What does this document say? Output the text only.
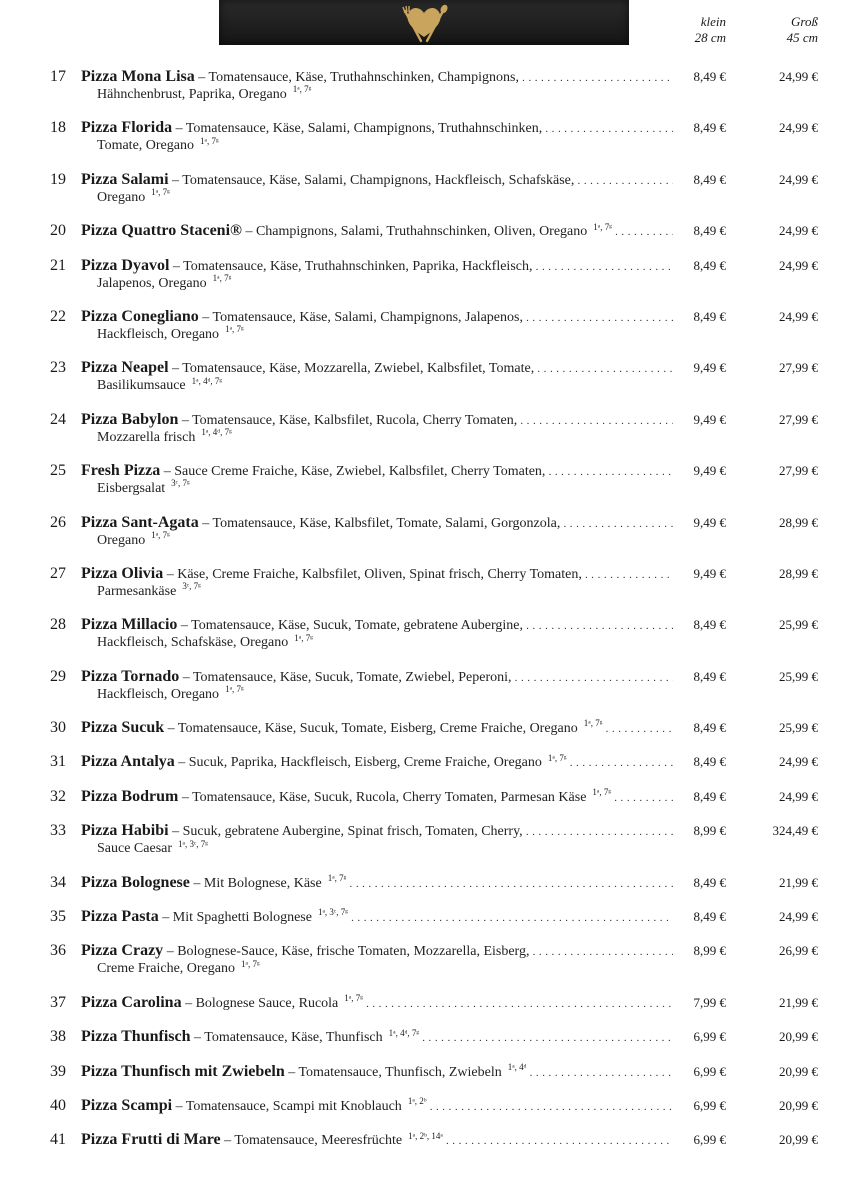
klein
28 cm
Groß
45 cm
17 Pizza Mona Lisa – Tomatensauce, Käse, Truthahnschinken, Champignons, . . .
Hähnchenbrust, Paprika, Oregano $^{1ᵃ, 7ᵍ}$
8,49 €	24,99 €
18 Pizza Florida – Tomatensauce, Käse, Salami, Champignons, Truthahnschinken, . . .
Tomate, Oregano $^{1ᵃ, 7ᵍ}$
8,49 €	24,99 €
19 Pizza Salami – Tomatensauce, Käse, Salami, Champignons, Hackfleisch, Schafskäse, . . .
Oregano $^{1ᵃ, 7ᵍ}$
8,49 €	24,99 €
20 Pizza Quattro Staceni® – Champignons, Salami, Truthahnschinken, Oliven, Oregano $^{1ᵃ, 7ᵍ}$ . . .	8,49 €	24,99 €
21 Pizza Dyavol – Tomatensauce, Käse, Truthahnschinken, Paprika, Hackfleisch, . . .
Jalapenos, Oregano $^{1ᵃ, 7ᵍ}$
8,49 €	24,99 €
22 Pizza Conegliano – Tomatensauce, Käse, Salami, Champignons, Jalapenos, . . .
Hackfleisch, Oregano $^{1ᵃ, 7ᵍ}$
8,49 €	24,99 €
23 Pizza Neapel – Tomatensauce, Käse, Mozzarella, Zwiebel, Kalbsfilet, Tomate, . . .
Basilikumsauce $^{1ᵃ, 4ᵈ, 7ᵍ}$
9,49 €	27,99 €
24 Pizza Babylon – Tomatensauce, Käse, Kalbsfilet, Rucola, Cherry Tomaten, . . .
Mozzarella frisch $^{1ᵃ, 4ᵈ, 7ᵍ}$
9,49 €	27,99 €
25 Fresh Pizza – Sauce Creme Fraiche, Käse, Zwiebel, Kalbsfilet, Cherry Tomaten, . . .
Eisbergsalat $^{3ᶜ, 7ᵍ}$
9,49 €	27,99 €
26 Pizza Sant-Agata – Tomatensauce, Käse, Kalbsfilet, Tomate, Salami, Gorgonzola, . . .
Oregano $^{1ᵃ, 7ᵍ}$
9,49 €	28,99 €
27 Pizza Olivia – Käse, Creme Fraiche, Kalbsfilet, Oliven, Spinat frisch, Cherry Tomaten, . . .
Parmesankäse $^{3ᶜ, 7ᵍ}$
9,49 €	28,99 €
28 Pizza Millacio – Tomatensauce, Käse, Sucuk, Tomate, gebratene Aubergine, . . .
Hackfleisch, Schafskäse, Oregano $^{1ᵃ, 7ᵍ}$
8,49 €	25,99 €
29 Pizza Tornado – Tomatensauce, Käse, Sucuk, Tomate, Zwiebel, Peperoni, . . .
Hackfleisch, Oregano $^{1ᵃ, 7ᵍ}$
8,49 €	25,99 €
30 Pizza Sucuk – Tomatensauce, Käse, Sucuk, Tomate, Eisberg, Creme Fraiche, Oregano $^{1ᵃ, 7ᵍ}$ . . .	8,49 €	25,99 €
31 Pizza Antalya – Sucuk, Paprika, Hackfleisch, Eisberg, Creme Fraiche, Oregano $^{1ᵃ, 7ᵍ}$ . . .	8,49 €	24,99 €
32 Pizza Bodrum – Tomatensauce, Käse, Sucuk, Rucola, Cherry Tomaten, Parmesan Käse $^{1ᵃ, 7ᵍ}$ . . .	8,49 €	24,99 €
33 Pizza Habibi – Sucuk, gebratene Aubergine, Spinat frisch, Tomaten, Cherry, . . .
Sauce Caesar $^{1ᵃ, 3ᶜ, 7ᵍ}$
8,99 €	324,49 €
34 Pizza Bolognese – Mit Bolognese, Käse $^{1ᵃ, 7ᵍ}$ . . .	8,49 €	21,99 €
35 Pizza Pasta – Mit Spaghetti Bolognese $^{1ᵃ, 3ᶜ, 7ᵍ}$ . . .	8,49 €	24,99 €
36 Pizza Crazy – Bolognese-Sauce, Käse, frische Tomaten, Mozzarella, Eisberg, . . .
Creme Fraiche, Oregano $^{1ᵃ, 7ᵍ}$
8,99 €	26,99 €
37 Pizza Carolina – Bolognese Sauce, Rucola $^{1ᵃ, 7ᵍ}$ . . .	7,99 €	21,99 €
38 Pizza Thunfisch – Tomatensauce, Käse, Thunfisch $^{1ᵃ, 4ᵈ, 7ᵍ}$ . . .	6,99 €	20,99 €
39 Pizza Thunfisch mit Zwiebeln – Tomatensauce, Thunfisch, Zwiebeln $^{1ᵃ, 4ᵈ}$ . . .	6,99 €	20,99 €
40 Pizza Scampi – Tomatensauce, Scampi mit Knoblauch $^{1ᵃ, 2ᵇ}$ . . .	6,99 €	20,99 €
41 Pizza Frutti di Mare – Tomatensauce, Meeresfrüchte $^{1ᵃ, 2ᵇ, 14ᵃ}$ . . .	6,99 €	20,99 €
